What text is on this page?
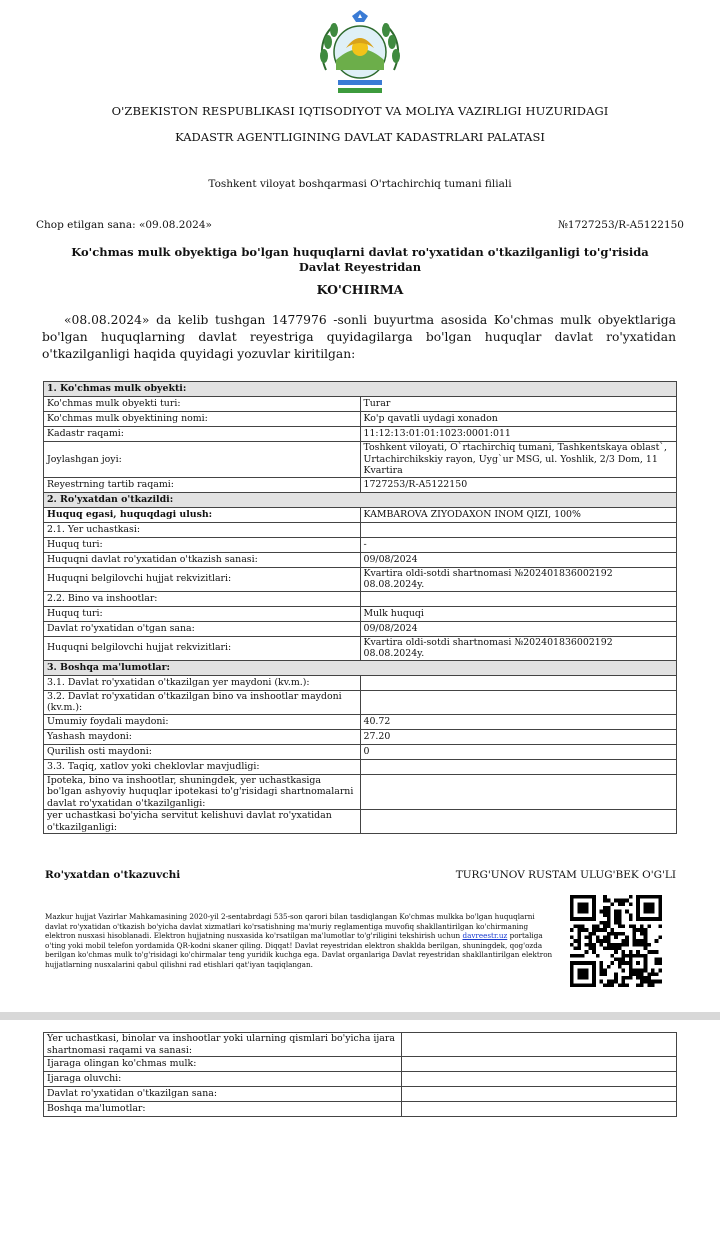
O'ZBEKISTON RESPUBLIKASI IQTISODIYOT VA MOLIYA VAZIRLIGI HUZURIDAGI
KADASTR AGENTLIGINING DAVLAT KADASTRLARI PALATASI
Toshkent viloyat boshqarmasi O'rtachirchiq tumani filiali
Chop etilgan sana: «09.08.2024»	№1727253/R-A5122150
Ko'chmas mulk obyektiga bo'lgan huquqlarni davlat ro'yxatidan o'tkazilganligi to'g'risida Davlat Reyestridan
KO'CHIRMA
«08.08.2024» da kelib tushgan 1477976 -sonli buyurtma asosida Ko'chmas mulk obyektlariga bo'lgan huquqlarning davlat reyestriga quyidagilarga bo'lgan huquqlar davlat ro'yxatidan o'tkazilganligi haqida quyidagi yozuvlar kiritilgan:
1. Ko'chmas mulk obyekti:	
Ko'chmas mulk obyekti turi:	Turar
Ko'chmas mulk obyektining nomi:	Ko'p qavatli uydagi xonadon
Kadastr raqami:	11:12:13:01:01:1023:0001:011
Joylashgan joyi:	Toshkent viloyati, O`rtachirchiq tumani, Tashkentskaya oblast`, Urtachirchikskiy rayon, Uyg`ur MSG, ul. Yoshlik, 2/3 Dom, 11 Kvartira
Reyestrning tartib raqami:	1727253/R-A5122150
2. Ro'yxatdan o'tkazildi:	
Huquq egasi, huquqdagi ulush:	KAMBAROVA ZIYODAXON INOM QIZI, 100%
2.1. Yer uchastkasi:	
Huquq turi:	-
Huquqni davlat ro'yxatidan o'tkazish sanasi:	09/08/2024
Huquqni belgilovchi hujjat rekvizitlari:	Kvartira oldi-sotdi shartnomasi №202401836002192 08.08.2024y.
2.2. Bino va inshootlar:	
Huquq turi:	Mulk huquqi
Davlat ro'yxatidan o'tgan sana:	09/08/2024
Huquqni belgilovchi hujjat rekvizitlari:	Kvartira oldi-sotdi shartnomasi №202401836002192 08.08.2024y.
3. Boshqa ma'lumotlar:	
3.1. Davlat ro'yxatidan o'tkazilgan yer maydoni (kv.m.):	
3.2. Davlat ro'yxatidan o'tkazilgan bino va inshootlar maydoni (kv.m.):	
Umumiy foydali maydoni:	40.72
Yashash maydoni:	27.20
Qurilish osti maydoni:	0
3.3. Taqiq, xatlov yoki cheklovlar mavjudligi:	
Ipoteka, bino va inshootlar, shuningdek, yer uchastkasiga bo'lgan ashyoviy huquqlar ipotekasi to'g'risidagi shartnomalarni davlat ro'yxatidan o'tkazilganligi:	
yer uchastkasi bo'yicha servitut kelishuvi davlat ro'yxatidan o'tkazilganligi:	
Ro'yxatdan o'tkazuvchi	TURG'UNOV RUSTAM ULUG'BEK O'G'LI
Mazkur hujjat Vazirlar Mahkamasining 2020-yil 2-sentabrdagi 535-son qarori bilan tasdiqlangan Ko'chmas mulkka bo'lgan huquqlarni davlat ro'yxatidan o'tkazish bo'yicha davlat xizmatlari ko'rsatishning ma'muriy reglamentiga muvofiq shakllantirilgan ko'chirmaning elektron nusxasi hisoblanadi. Elektron hujjatning nusxasida ko'rsatilgan ma'lumotlar to'g'riligini tekshirish uchun davreestr.uz portaliga o'ting yoki mobil telefon yordamida QR-kodni skaner qiling. Diqqat! Davlat reyestridan elektron shaklda berilgan, shuningdek, qog'ozda berilgan ko'chmas mulk to'g'risidagi ko'chirmalar teng yuridik kuchga ega. Davlat organlariga Davlat reyestridan shakllantirilgan elektron hujjatlarning nusxalarini qabul qilishni rad etishlari qat'iyan taqiqlangan.
Yer uchastkasi, binolar va inshootlar yoki ularning qismlari bo'yicha ijara shartnomasi raqami va sanasi:	
Ijaraga olingan ko'chmas mulk:	
Ijaraga oluvchi:	
Davlat ro'yxatidan o'tkazilgan sana:	
Boshqa ma'lumotlar:	
